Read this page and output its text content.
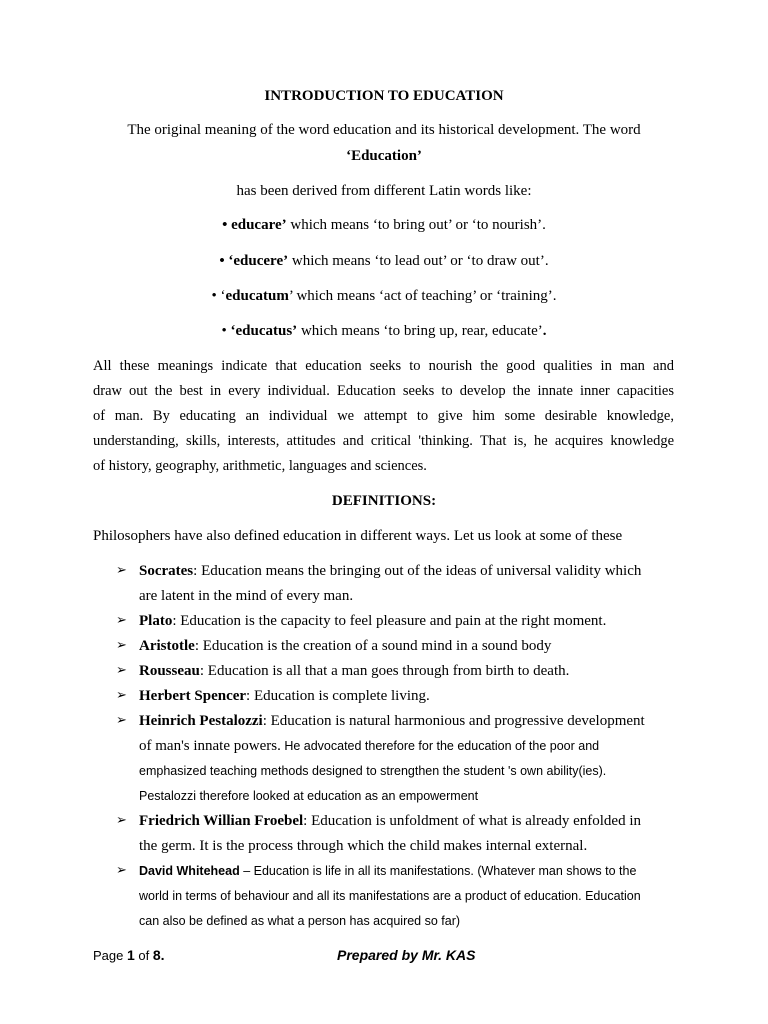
INTRODUCTION TO EDUCATION
The original meaning of the word education and its historical development. The word
‘Education’
has been derived from different Latin words like:
• educare’ which means ‘to bring out’ or ‘to nourish’.
• ‘educere’ which means ‘to lead out’ or ‘to draw out’.
• ‘educatum’ which means ‘act of teaching’ or ‘training’.
• ‘educatus’ which means ‘to bring up, rear, educate’.
All these meanings indicate that education seeks to nourish the good qualities in man and
draw out the best in every individual. Education seeks to develop the innate inner capacities
of man. By educating an individual we attempt to give him some desirable knowledge,
understanding, skills, interests, attitudes and critical 'thinking. That is, he acquires knowledge
of history, geography, arithmetic, languages and sciences.
DEFINITIONS:
Philosophers have also defined education in different ways. Let us look at some of these
➢ Socrates: Education means the bringing out of the ideas of universal validity which
are latent in the mind of every man.
➢ Plato: Education is the capacity to feel pleasure and pain at the right moment.
➢ Aristotle: Education is the creation of a sound mind in a sound body
➢ Rousseau: Education is all that a man goes through from birth to death.
➢ Herbert Spencer: Education is complete living.
➢ Heinrich Pestalozzi: Education is natural harmonious and progressive development
of man's innate powers. He advocated therefore for the education of the poor and
emphasized teaching methods designed to strengthen the student 's own ability(ies).
Pestalozzi therefore looked at education as an empowerment
➢ Friedrich Willian Froebel: Education is unfoldment of what is already enfolded in
the germ. It is the process through which the child makes internal external.
➢ David Whitehead – Education is life in all its manifestations. (Whatever man shows to the
world in terms of behaviour and all its manifestations are a product of education. Education
can also be defined as what a person has acquired so far)
Page 1 of 8.	Prepared by Mr. KAS
